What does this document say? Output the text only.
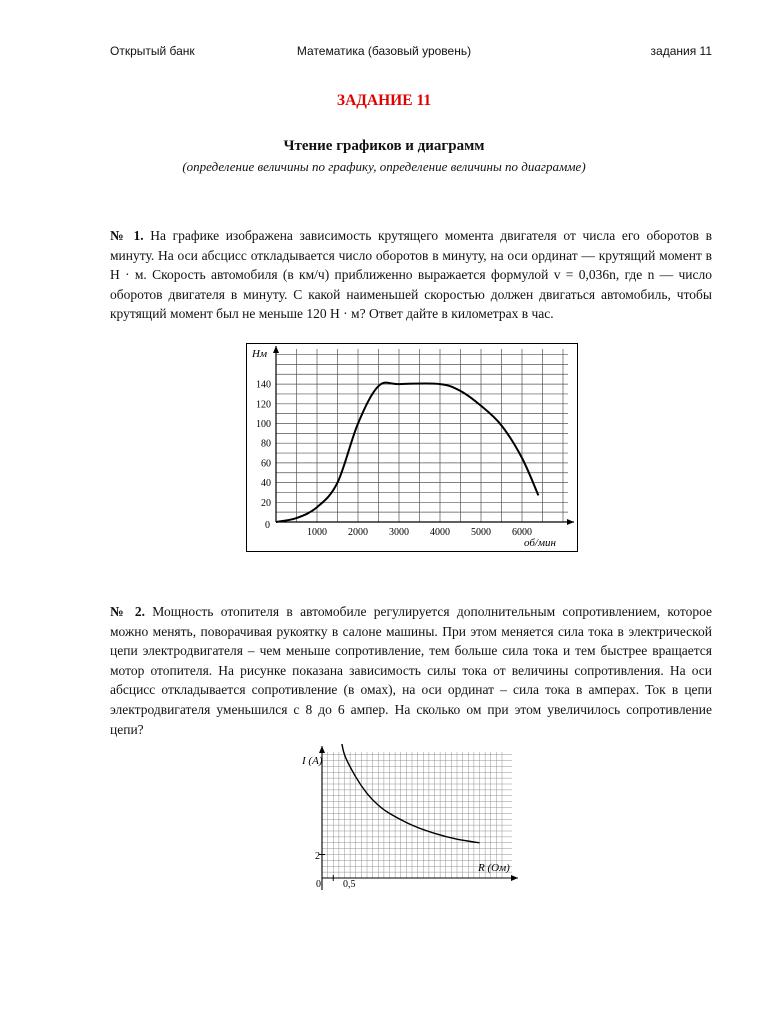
Открытый банк	Математика (базовый уровень)	задания 11
ЗАДАНИЕ 11
Чтение графиков и диаграмм
(определение величины по графику, определение величины по диаграмме)
№ 1. На графике изображена зависимость крутящего момента двигателя от числа его оборотов в минуту. На оси абсцисс откладывается число оборотов в минуту, на оси ординат — крутящий момент в Н · м. Скорость автомобиля (в км/ч) приближенно выражается формулой v = 0,036n, где n — число оборотов двигателя в минуту. С какой наименьшей скоростью должен двигаться автомобиль, чтобы крутящий момент был не меньше 120 Н · м? Ответ дайте в километрах в час.
1000 2000 3000 4000 5000 6000
20
40
60
80
100
120
140
Нм
об/мин
0
№ 2. Мощность отопителя в автомобиле регулируется дополнительным сопротивлением, которое можно менять, поворачивая рукоятку в салоне машины. При этом меняется сила тока в электрической цепи электродвигателя – чем меньше сопротивление, тем больше сила тока и тем быстрее вращается мотор отопителя. На рисунке показана зависимость силы тока от величины сопротивления. На оси абсцисс откладывается сопротивление (в омах), на оси ординат – сила тока в амперах. Ток в цепи электродвигателя уменьшился с 8 до 6 ампер. На сколько ом при этом увеличилось сопротивление цепи?
I (A)
R (Ом)
0
2
0,5
